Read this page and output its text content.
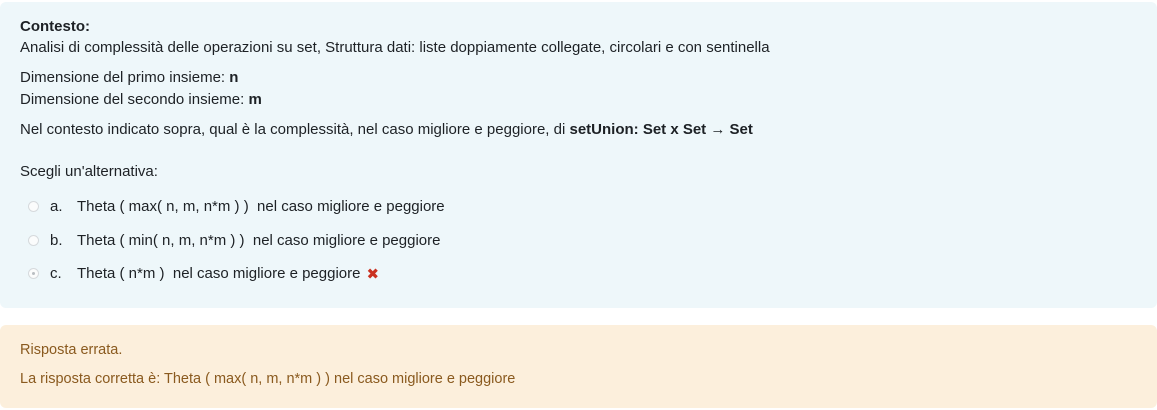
Contesto:
Analisi di complessità delle operazioni su set, Struttura dati: liste doppiamente collegate, circolari e con sentinella
Dimensione del primo insieme: n
Dimensione del secondo insieme: m
Nel contesto indicato sopra, qual è la complessità, nel caso migliore e peggiore, di setUnion: Set x Set → Set
Scegli un'alternativa:
a. Theta ( max( n, m, n*m ) )  nel caso migliore e peggiore
b. Theta ( min( n, m, n*m ) )  nel caso migliore e peggiore
c.	Theta ( n*m )  nel caso migliore e peggiore ✖
Risposta errata.
La risposta corretta è: Theta ( max( n, m, n*m ) ) nel caso migliore e peggiore
